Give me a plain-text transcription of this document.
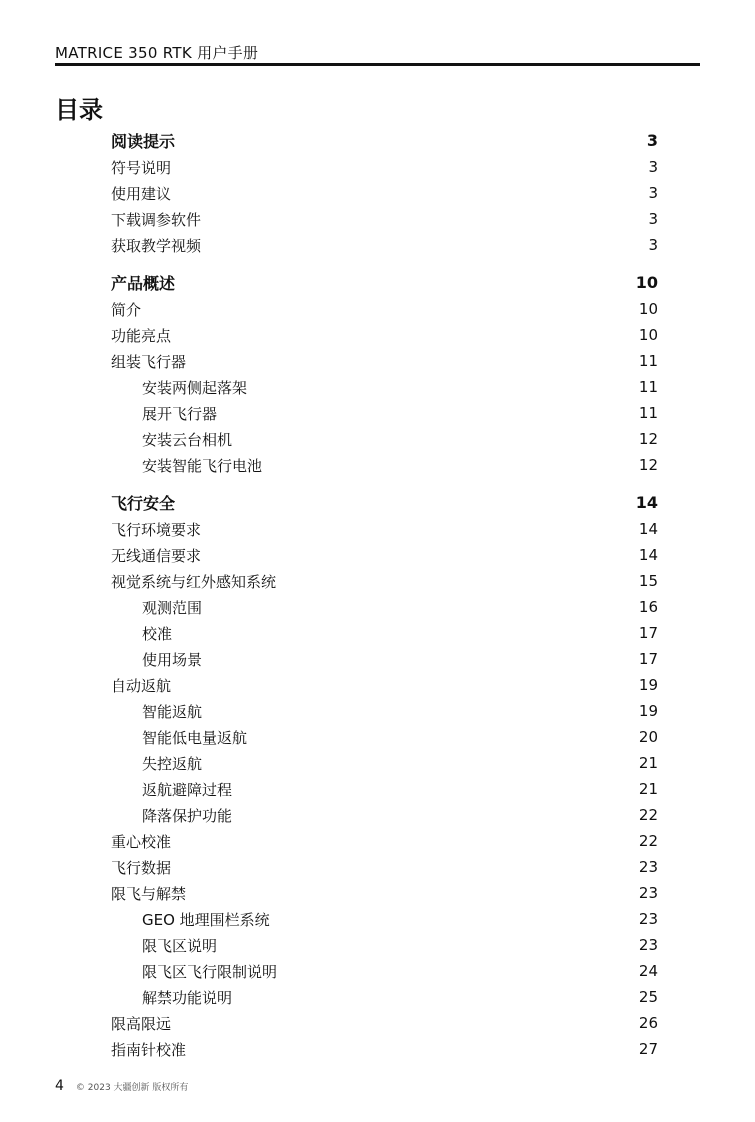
MATRICE 350 RTK 用户手册
目录
阅读提示	3
符号说明	3
使用建议	3
下载调参软件	3
获取教学视频	3
产品概述	10
简介	10
功能亮点	10
组装飞行器	11
安装两侧起落架	11
展开飞行器	11
安装云台相机	12
安装智能飞行电池	12
飞行安全	14
飞行环境要求	14
无线通信要求	14
视觉系统与红外感知系统	15
观测范围	16
校准	17
使用场景	17
自动返航	19
智能返航	19
智能低电量返航	20
失控返航	21
返航避障过程	21
降落保护功能	22
重心校准	22
飞行数据	23
限飞与解禁	23
GEO 地理围栏系统	23
限飞区说明	23
限飞区飞行限制说明	24
解禁功能说明	25
限高限远	26
指南针校准	27
4 © 2023 大疆创新 版权所有
